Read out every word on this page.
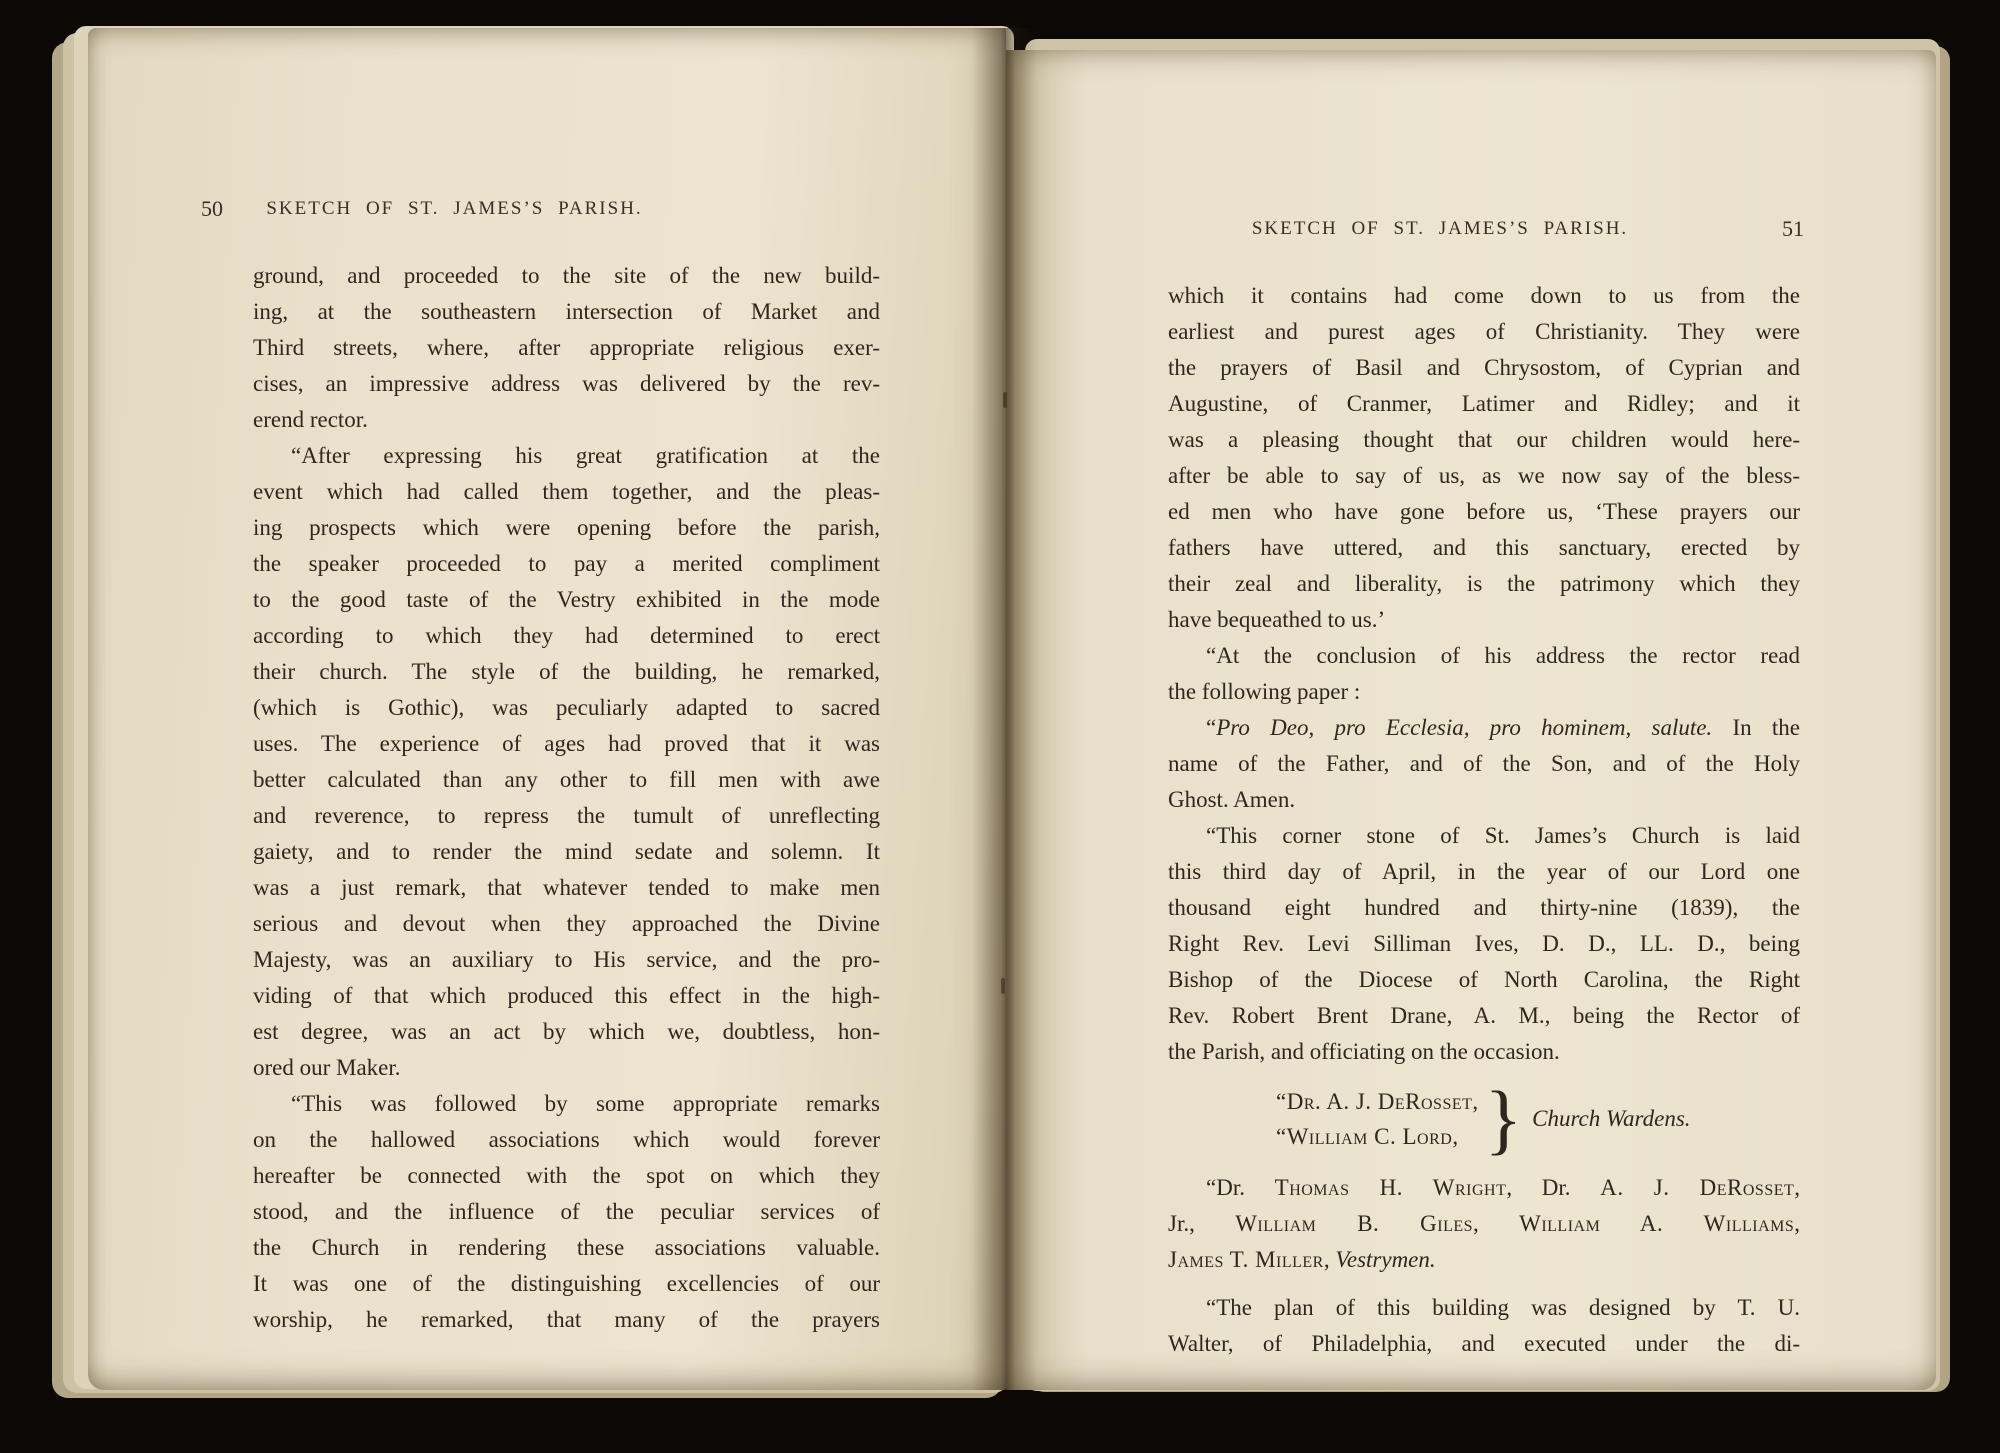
50 SKETCH OF ST. JAMES’S PARISH.
ground, and proceeded to the site of the new build-
ing, at the southeastern intersection of Market and
Third streets, where, after appropriate religious exer-
cises, an impressive address was delivered by the rev-
erend rector.
“After expressing his great gratification at the
event which had called them together, and the pleas-
ing prospects which were opening before the parish,
the speaker proceeded to pay a merited compliment
to the good taste of the Vestry exhibited in the mode
according to which they had determined to erect
their church. The style of the building, he remarked,
(which is Gothic), was peculiarly adapted to sacred
uses. The experience of ages had proved that it was
better calculated than any other to fill men with awe
and reverence, to repress the tumult of unreflecting
gaiety, and to render the mind sedate and solemn. It
was a just remark, that whatever tended to make men
serious and devout when they approached the Divine
Majesty, was an auxiliary to His service, and the pro-
viding of that which produced this effect in the high-
est degree, was an act by which we, doubtless, hon-
ored our Maker.
“This was followed by some appropriate remarks
on the hallowed associations which would forever
hereafter be connected with the spot on which they
stood, and the influence of the peculiar services of
the Church in rendering these associations valuable.
It was one of the distinguishing excellencies of our
worship, he remarked, that many of the prayers
SKETCH OF ST. JAMES’S PARISH.	51
which it contains had come down to us from the
earliest and purest ages of Christianity. They were
the prayers of Basil and Chrysostom, of Cyprian and
Augustine, of Cranmer, Latimer and Ridley; and it
was a pleasing thought that our children would here-
after be able to say of us, as we now say of the bless-
ed men who have gone before us, ‘These prayers our
fathers have uttered, and this sanctuary, erected by
their zeal and liberality, is the patrimony which they
have bequeathed to us.’
“At the conclusion of his address the rector read
the following paper :
“Pro Deo, pro Ecclesia, pro hominem, salute. In the
name of the Father, and of the Son, and of the Holy
Ghost. Amen.
“This corner stone of St. James’s Church is laid
this third day of April, in the year of our Lord one
thousand eight hundred and thirty-nine (1839), the
Right Rev. Levi Silliman Ives, D. D., LL. D., being
Bishop of the Diocese of North Carolina, the Right
Rev. Robert Brent Drane, A. M., being the Rector of
the Parish, and officiating on the occasion.
“Dr. A. J. DeRosset,
“William C. Lord, } Church Wardens.
“Dr. Thomas H. Wright, Dr. A. J. DeRosset,
Jr., William B. Giles, William A. Williams,
James T. Miller, Vestrymen.
“The plan of this building was designed by T. U.
Walter, of Philadelphia, and executed under the di-
